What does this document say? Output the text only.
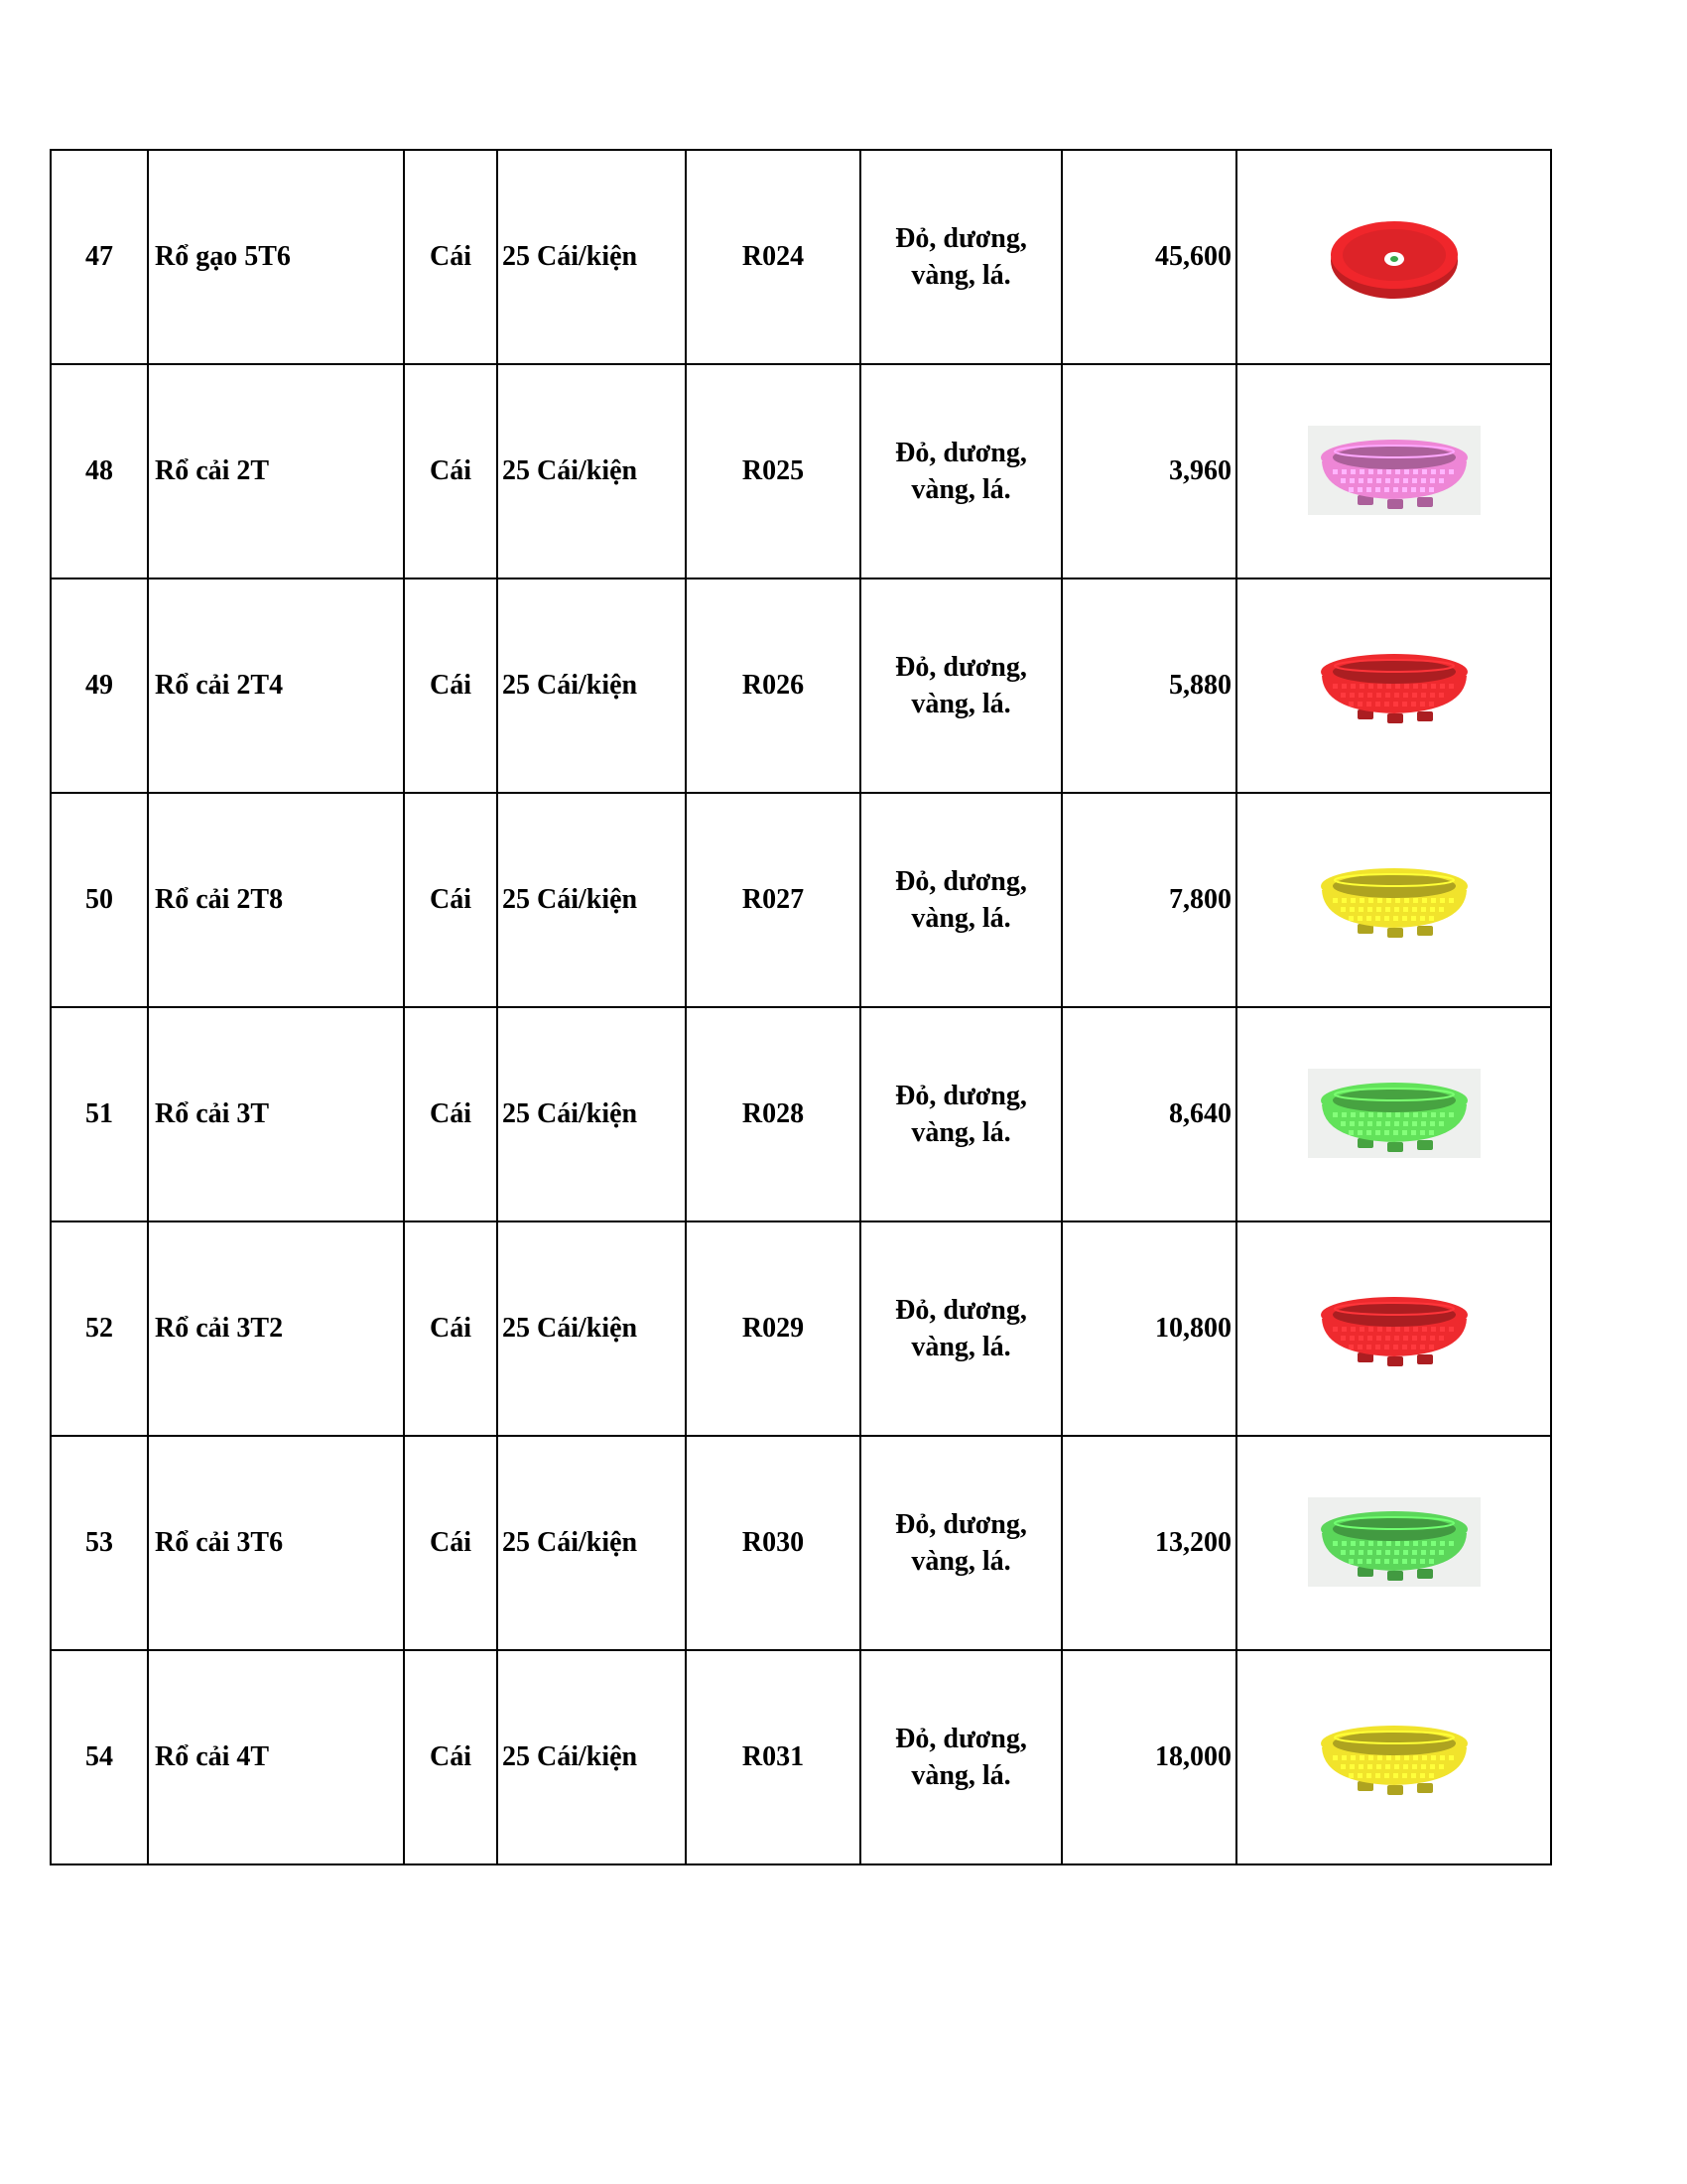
47	Rổ gạo 5T6	Cái	25 Cái/kiện	R024	Đỏ, dương,
vàng, lá.	45,600	

48	Rổ cải 2T	Cái	25 Cái/kiện	R025	Đỏ, dương,
vàng, lá.	3,960	

49	Rổ cải 2T4	Cái	25 Cái/kiện	R026	Đỏ, dương,
vàng, lá.	5,880	

50	Rổ cải 2T8	Cái	25 Cái/kiện	R027	Đỏ, dương,
vàng, lá.	7,800	

51	Rổ cải 3T	Cái	25 Cái/kiện	R028	Đỏ, dương,
vàng, lá.	8,640	

52	Rổ cải 3T2	Cái	25 Cái/kiện	R029	Đỏ, dương,
vàng, lá.	10,800	

53	Rổ cải 3T6	Cái	25 Cái/kiện	R030	Đỏ, dương,
vàng, lá.	13,200	

54	Rổ cải 4T	Cái	25 Cái/kiện	R031	Đỏ, dương,
vàng, lá.	18,000	
